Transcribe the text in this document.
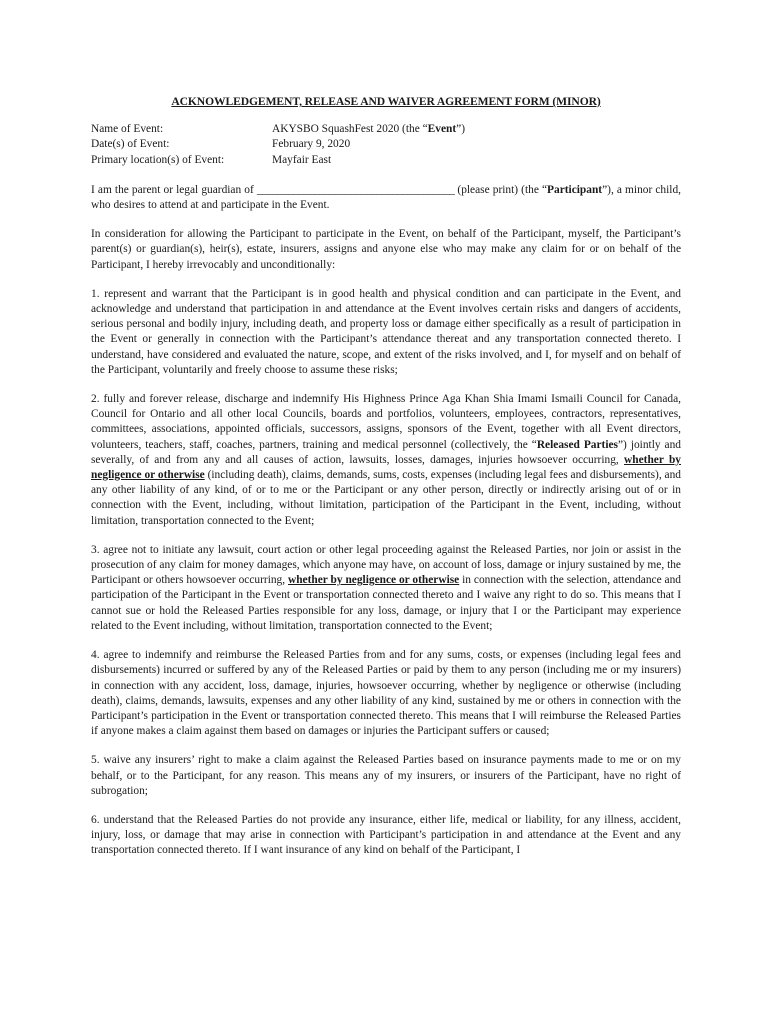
ACKNOWLEDGEMENT, RELEASE AND WAIVER AGREEMENT FORM (MINOR)
Name of Event:	AKYSBO SquashFest 2020 (the “Event”)
Date(s) of Event:	February 9, 2020
Primary location(s) of Event:	Mayfair East

I am the parent or legal guardian of ______________________________________ (please print) (the “Participant”), a minor child, who desires to attend at and participate in the Event.

In consideration for allowing the Participant to participate in the Event, on behalf of the Participant, myself, the Participant’s parent(s) or guardian(s), heir(s), estate, insurers, assigns and anyone else who may make any claim for or on behalf of the Participant, I hereby irrevocably and unconditionally:

1. represent and warrant that the Participant is in good health and physical condition and can participate in the Event, and acknowledge and understand that participation in and attendance at the Event involves certain risks and dangers of accidents, serious personal and bodily injury, including death, and property loss or damage either specifically as a result of participation in the Event or generally in connection with the Participant’s attendance thereat and any transportation connected thereto. I understand, have considered and evaluated the nature, scope, and extent of the risks involved, and I, for myself and on behalf of the Participant, voluntarily and freely choose to assume these risks;

2. fully and forever release, discharge and indemnify His Highness Prince Aga Khan Shia Imami Ismaili Council for Canada, Council for Ontario and all other local Councils, boards and portfolios, volunteers, employees, contractors, representatives, committees, associations, appointed officials, successors, assigns, sponsors of the Event, together with all Event directors, volunteers, teachers, staff, coaches, partners, training and medical personnel (collectively, the “Released Parties”) jointly and severally, of and from any and all causes of action, lawsuits, losses, damages, injuries howsoever occurring, whether by negligence or otherwise (including death), claims, demands, sums, costs, expenses (including legal fees and disbursements), and any other liability of any kind, of or to me or the Participant or any other person, directly or indirectly arising out of or in connection with the Event, including, without limitation, participation of the Participant in the Event, including, without limitation, transportation connected to the Event;

3. agree not to initiate any lawsuit, court action or other legal proceeding against the Released Parties, nor join or assist in the prosecution of any claim for money damages, which anyone may have, on account of loss, damage or injury sustained by me, the Participant or others howsoever occurring, whether by negligence or otherwise in connection with the selection, attendance and participation of the Participant in the Event or transportation connected thereto and I waive any right to do so. This means that I cannot sue or hold the Released Parties responsible for any loss, damage, or injury that I or the Participant may experience related to the Event including, without limitation, transportation connected to the Event;

4. agree to indemnify and reimburse the Released Parties from and for any sums, costs, or expenses (including legal fees and disbursements) incurred or suffered by any of the Released Parties or paid by them to any person (including me or my insurers) in connection with any accident, loss, damage, injuries, howsoever occurring, whether by negligence or otherwise (including death), claims, demands, lawsuits, expenses and any other liability of any kind, sustained by me or others in connection with the Participant’s participation in the Event or transportation connected thereto. This means that I will reimburse the Released Parties if anyone makes a claim against them based on damages or injuries the Participant suffers or caused;

5. waive any insurers’ right to make a claim against the Released Parties based on insurance payments made to me or on my behalf, or to the Participant, for any reason. This means any of my insurers, or insurers of the Participant, have no right of subrogation;

6. understand that the Released Parties do not provide any insurance, either life, medical or liability, for any illness, accident, injury, loss, or damage that may arise in connection with Participant’s participation in and attendance at the Event and any transportation connected thereto. If I want insurance of any kind on behalf of the Participant, I
